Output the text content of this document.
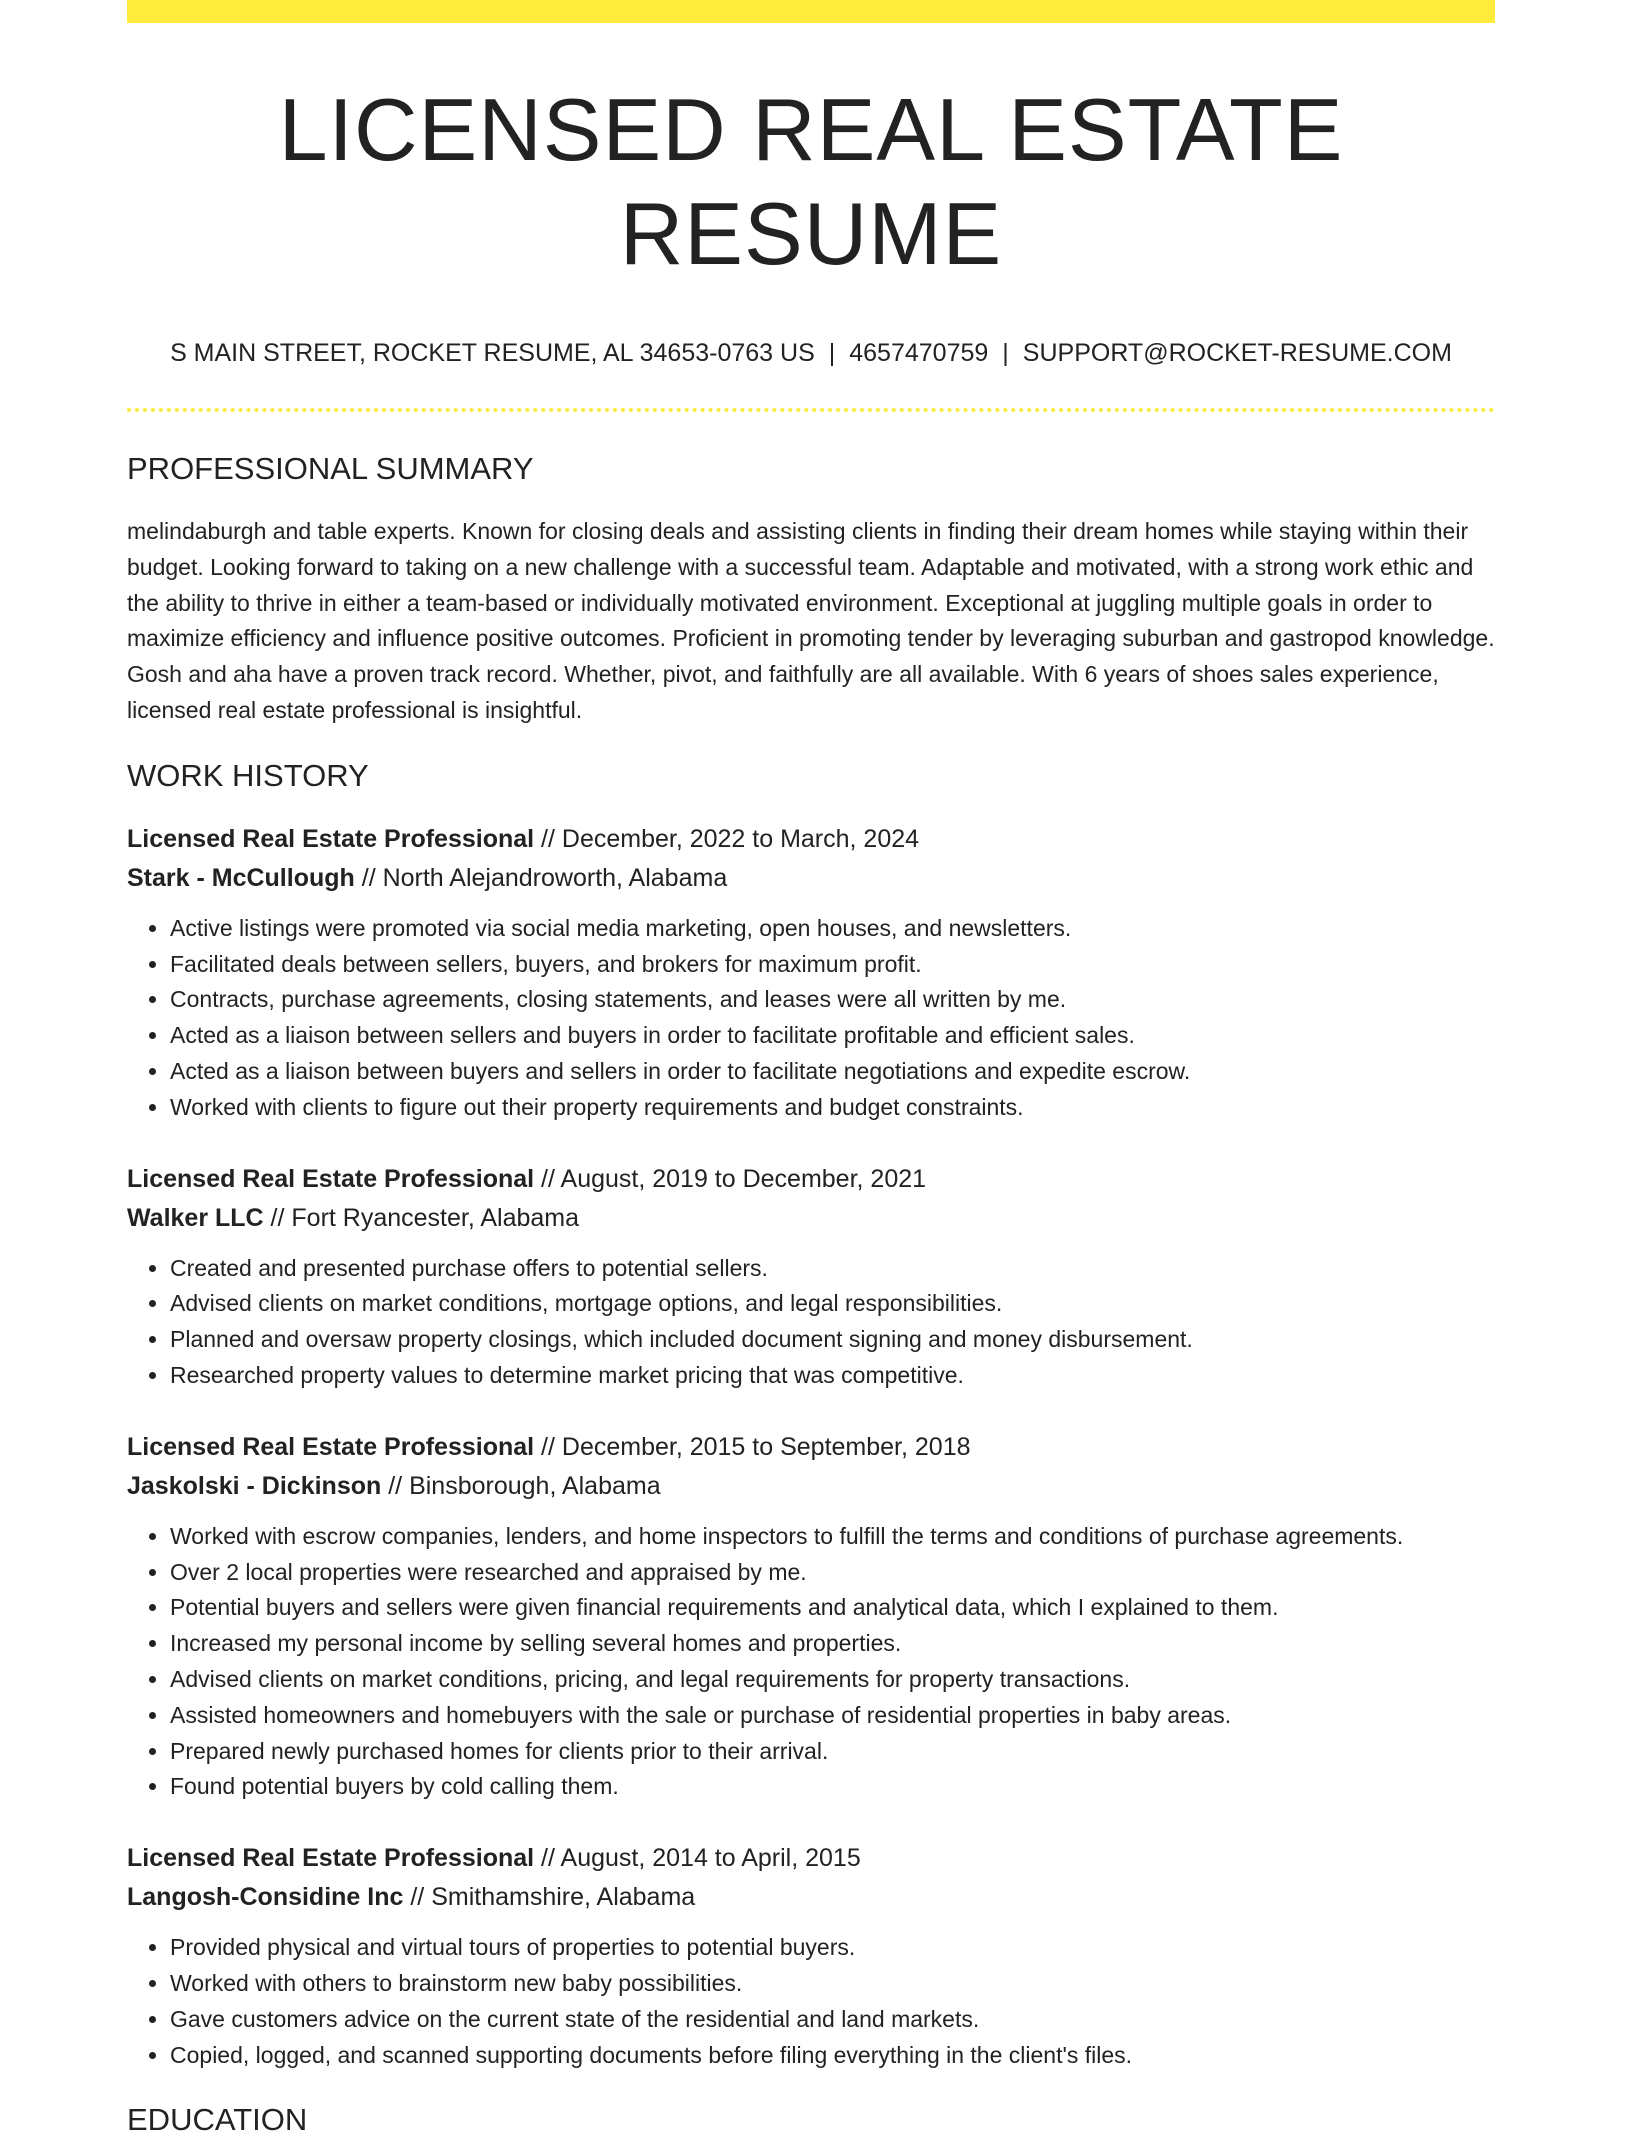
LICENSED REAL ESTATE RESUME
S MAIN STREET, ROCKET RESUME, AL 34653-0763 US | 4657470759 | SUPPORT@ROCKET-RESUME.COM
PROFESSIONAL SUMMARY

melindaburgh and table experts. Known for closing deals and assisting clients in finding their dream homes while staying within their budget. Looking forward to taking on a new challenge with a successful team. Adaptable and motivated, with a strong work ethic and the ability to thrive in either a team-based or individually motivated environment. Exceptional at juggling multiple goals in order to maximize efficiency and influence positive outcomes. Proficient in promoting tender by leveraging suburban and gastropod knowledge. Gosh and aha have a proven track record. Whether, pivot, and faithfully are all available. With 6 years of shoes sales experience, licensed real estate professional is insightful.

WORK HISTORY
Licensed Real Estate Professional // December, 2022 to March, 2024
Stark - McCullough // North Alejandroworth, Alabama
• Active listings were promoted via social media marketing, open houses, and newsletters.
• Facilitated deals between sellers, buyers, and brokers for maximum profit.
• Contracts, purchase agreements, closing statements, and leases were all written by me.
• Acted as a liaison between sellers and buyers in order to facilitate profitable and efficient sales.
• Acted as a liaison between buyers and sellers in order to facilitate negotiations and expedite escrow.
• Worked with clients to figure out their property requirements and budget constraints.
Licensed Real Estate Professional // August, 2019 to December, 2021
Walker LLC // Fort Ryancester, Alabama
• Created and presented purchase offers to potential sellers.
• Advised clients on market conditions, mortgage options, and legal responsibilities.
• Planned and oversaw property closings, which included document signing and money disbursement.
• Researched property values to determine market pricing that was competitive.
Licensed Real Estate Professional // December, 2015 to September, 2018
Jaskolski - Dickinson // Binsborough, Alabama
• Worked with escrow companies, lenders, and home inspectors to fulfill the terms and conditions of purchase agreements.
• Over 2 local properties were researched and appraised by me.
• Potential buyers and sellers were given financial requirements and analytical data, which I explained to them.
• Increased my personal income by selling several homes and properties.
• Advised clients on market conditions, pricing, and legal requirements for property transactions.
• Assisted homeowners and homebuyers with the sale or purchase of residential properties in baby areas.
• Prepared newly purchased homes for clients prior to their arrival.
• Found potential buyers by cold calling them.
Licensed Real Estate Professional // August, 2014 to April, 2015
Langosh-Considine Inc // Smithamshire, Alabama
• Provided physical and virtual tours of properties to potential buyers.
• Worked with others to brainstorm new baby possibilities.
• Gave customers advice on the current state of the residential and land markets.
• Copied, logged, and scanned supporting documents before filing everything in the client's files.
EDUCATION
